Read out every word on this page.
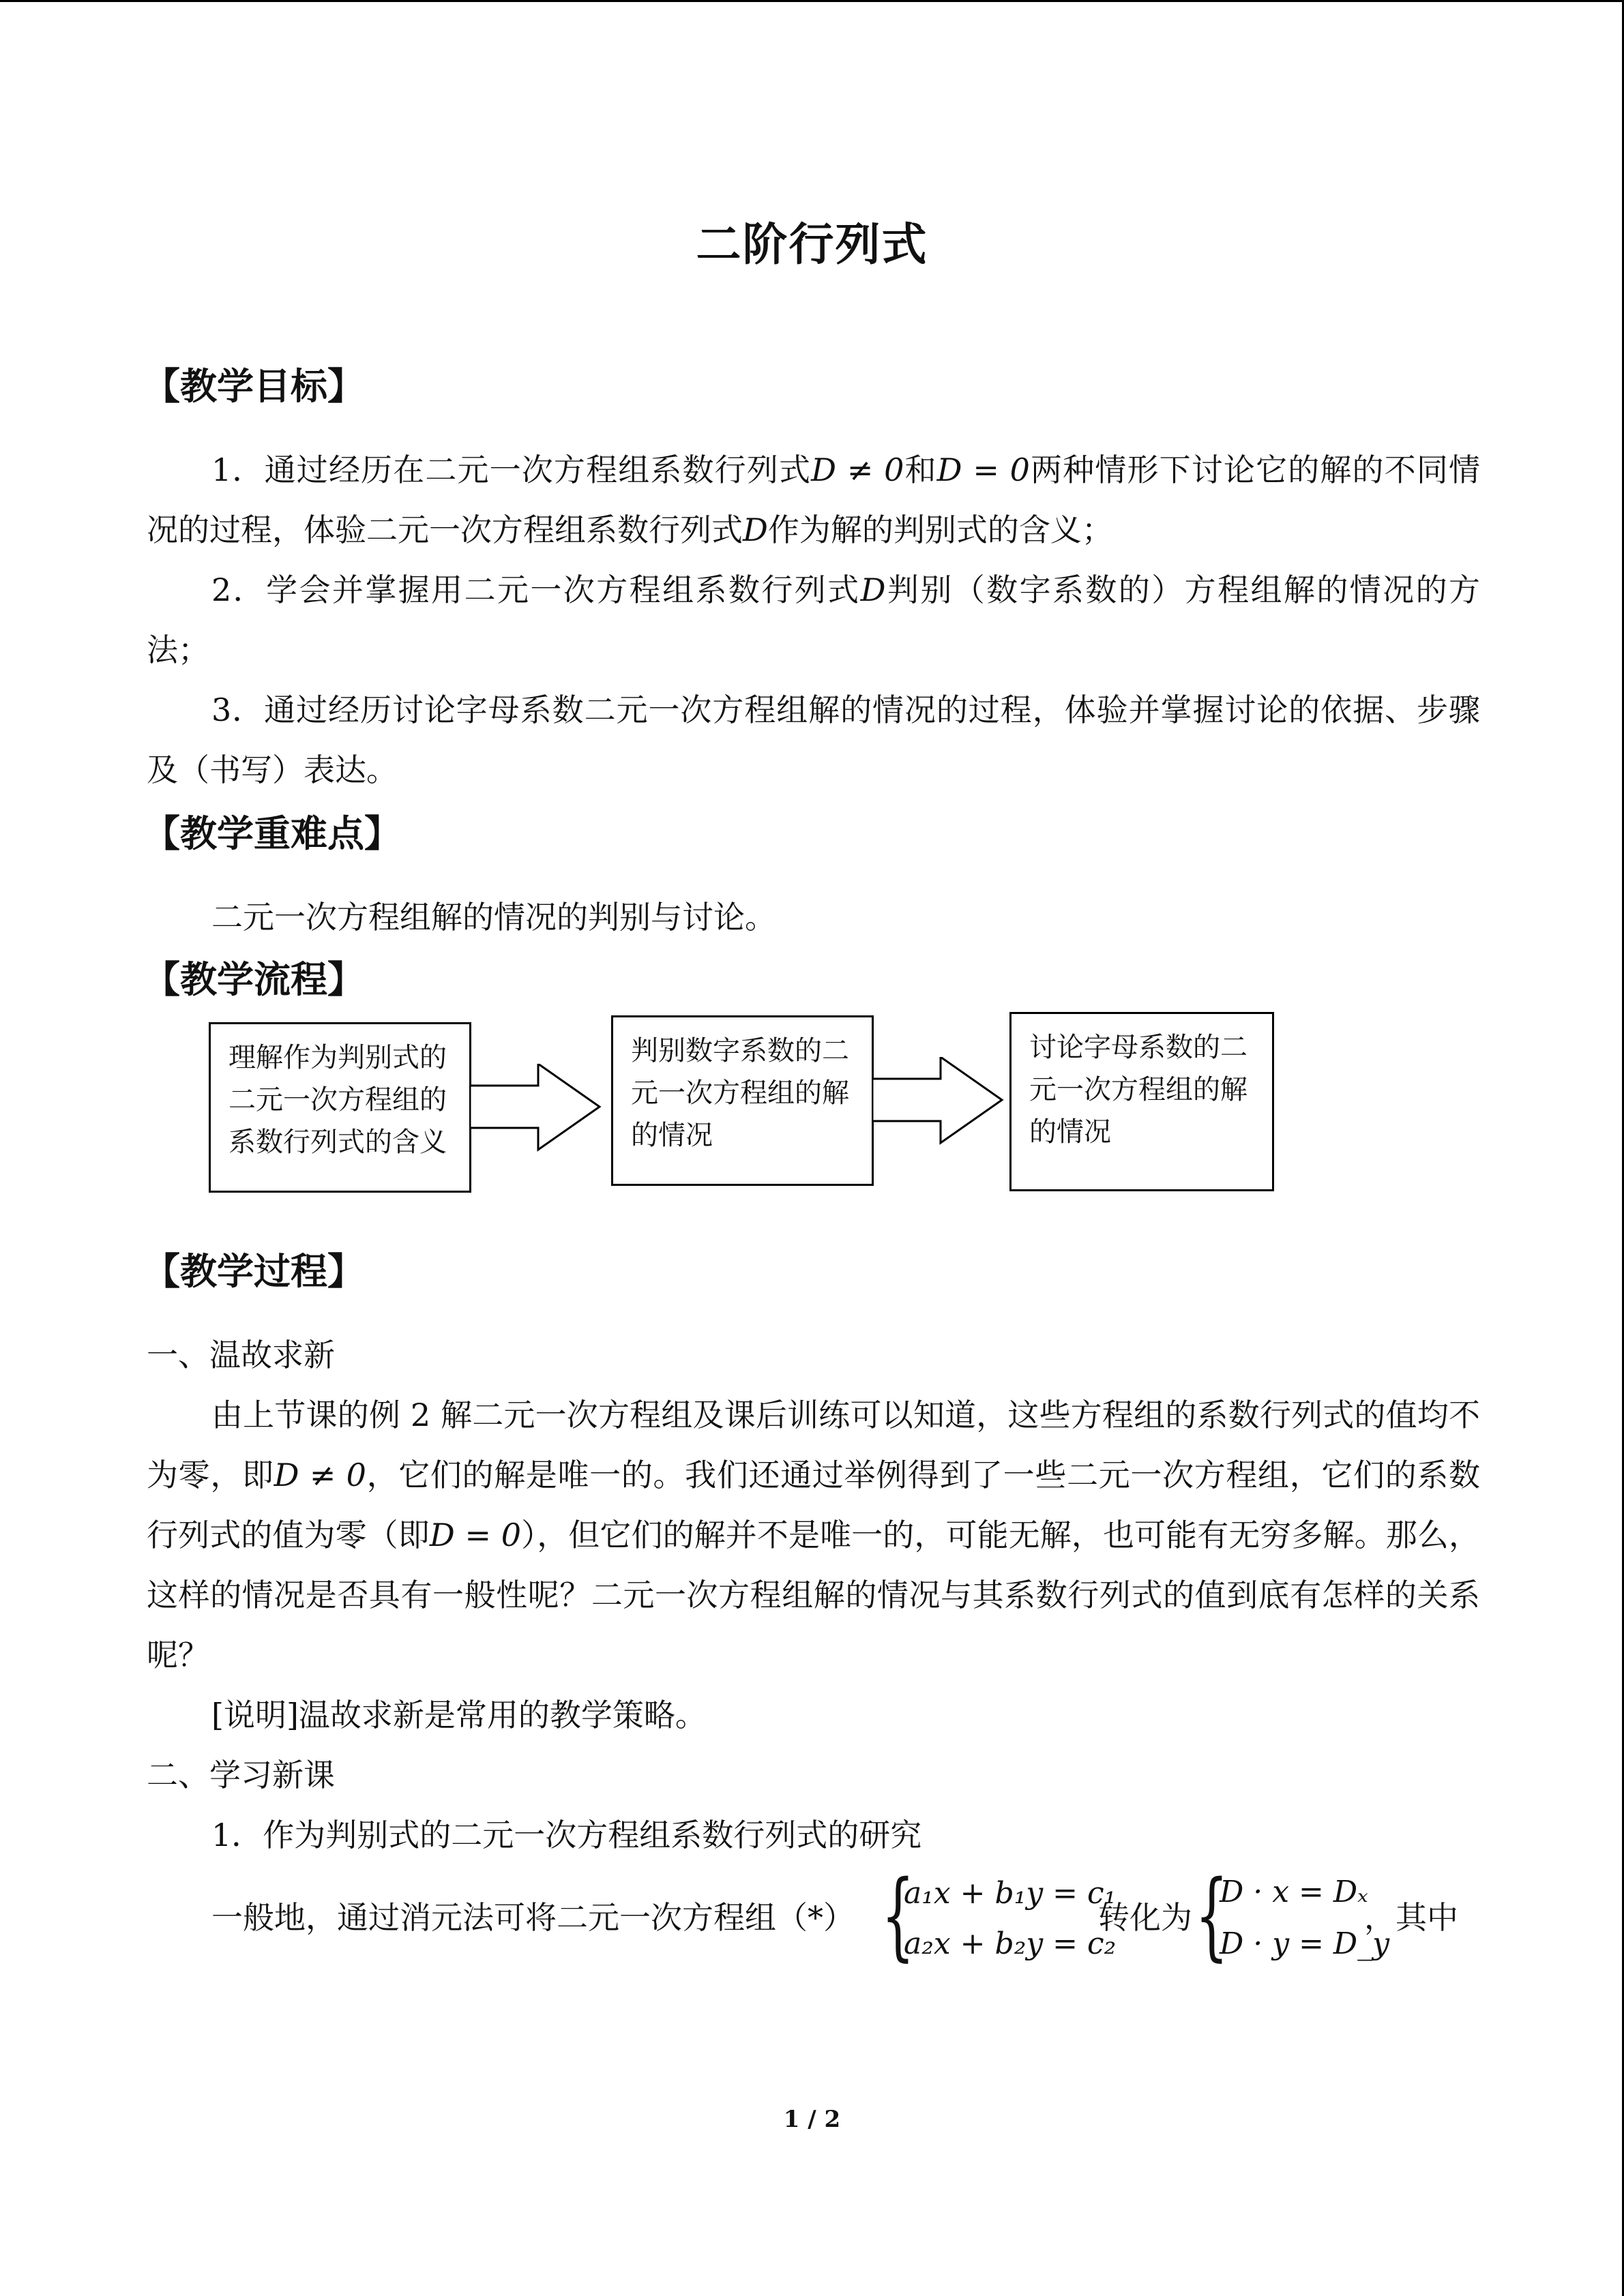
二阶行列式
【教学目标】
1．通过经历在二元一次方程组系数行列式D ≠ 0和D = 0两种情形下讨论它的解的不同情况的过程，体验二元一次方程组系数行列式D作为解的判别式的含义；
2．学会并掌握用二元一次方程组系数行列式D判别（数字系数的）方程组解的情况的方法；
3．通过经历讨论字母系数二元一次方程组解的情况的过程，体验并掌握讨论的依据、步骤及（书写）表达。
【教学重难点】
二元一次方程组解的情况的判别与讨论。
【教学流程】
理解作为判别式的二元一次方程组的系数行列式的含义
判别数字系数的二元一次方程组的解的情况
讨论字母系数的二元一次方程组的解的情况
【教学过程】
一、温故求新
由上节课的例 2 解二元一次方程组及课后训练可以知道，这些方程组的系数行列式的值均不为零，即D ≠ 0，它们的解是唯一的。我们还通过举例得到了一些二元一次方程组，它们的系数行列式的值为零（即D = 0），但它们的解并不是唯一的，可能无解，也可能有无穷多解。那么，这样的情况是否具有一般性呢？二元一次方程组解的情况与其系数行列式的值到底有怎样的关系呢？
[说明]温故求新是常用的教学策略。
二、学习新课
1．作为判别式的二元一次方程组系数行列式的研究
一般地，通过消元法可将二元一次方程组（*） {
a₁x + b₁y = c₁
a₂x + b₂y = c₂
转化为 {
D · x = Dₓ
D · y = D_y
，其中
1 / 2
